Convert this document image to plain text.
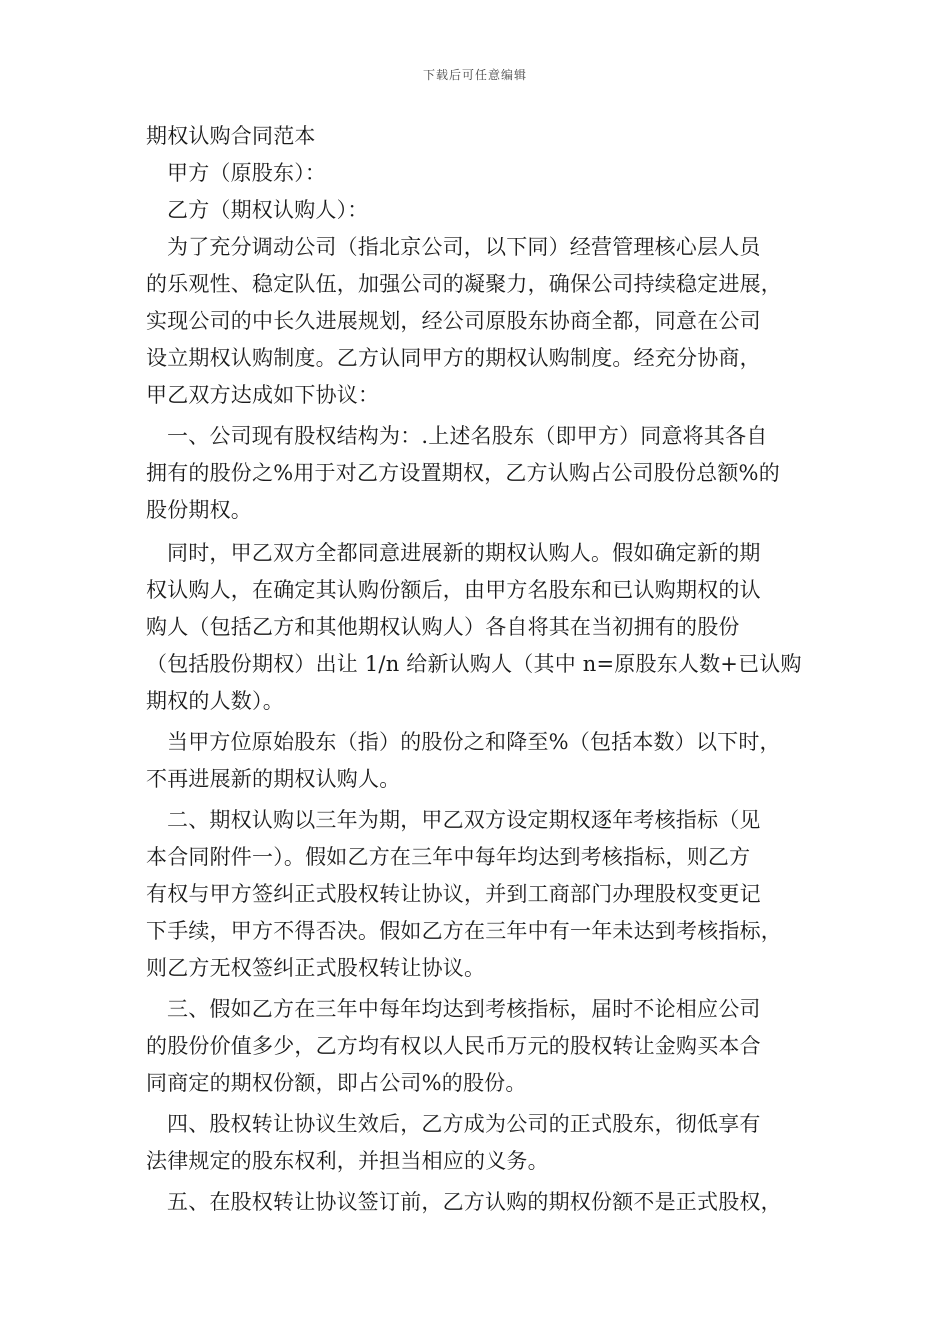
下载后可任意编辑
期权认购合同范本
甲方（原股东）：
乙方（期权认购人）：
为了充分调动公司（指北京公司，以下同）经营管理核心层人员
的乐观性、稳定队伍，加强公司的凝聚力，确保公司持续稳定进展，
实现公司的中长久进展规划，经公司原股东协商全都，同意在公司
设立期权认购制度。乙方认同甲方的期权认购制度。经充分协商，
甲乙双方达成如下协议：
一、公司现有股权结构为：.上述名股东（即甲方）同意将其各自
拥有的股份之%用于对乙方设置期权，乙方认购占公司股份总额%的
股份期权。
同时，甲乙双方全都同意进展新的期权认购人。假如确定新的期
权认购人，在确定其认购份额后，由甲方名股东和已认购期权的认
购人（包括乙方和其他期权认购人）各自将其在当初拥有的股份
（包括股份期权）出让 1/n 给新认购人（其中 n=原股东人数+已认购
期权的人数）。
当甲方位原始股东（指）的股份之和降至%（包括本数）以下时，
不再进展新的期权认购人。
二、期权认购以三年为期，甲乙双方设定期权逐年考核指标（见
本合同附件一）。假如乙方在三年中每年均达到考核指标，则乙方
有权与甲方签纠正式股权转让协议，并到工商部门办理股权变更记
下手续，甲方不得否决。假如乙方在三年中有一年未达到考核指标，
则乙方无权签纠正式股权转让协议。
三、假如乙方在三年中每年均达到考核指标，届时不论相应公司
的股份价值多少，乙方均有权以人民币万元的股权转让金购买本合
同商定的期权份额，即占公司%的股份。
四、股权转让协议生效后，乙方成为公司的正式股东，彻低享有
法律规定的股东权利，并担当相应的义务。
五、在股权转让协议签订前，乙方认购的期权份额不是正式股权，
